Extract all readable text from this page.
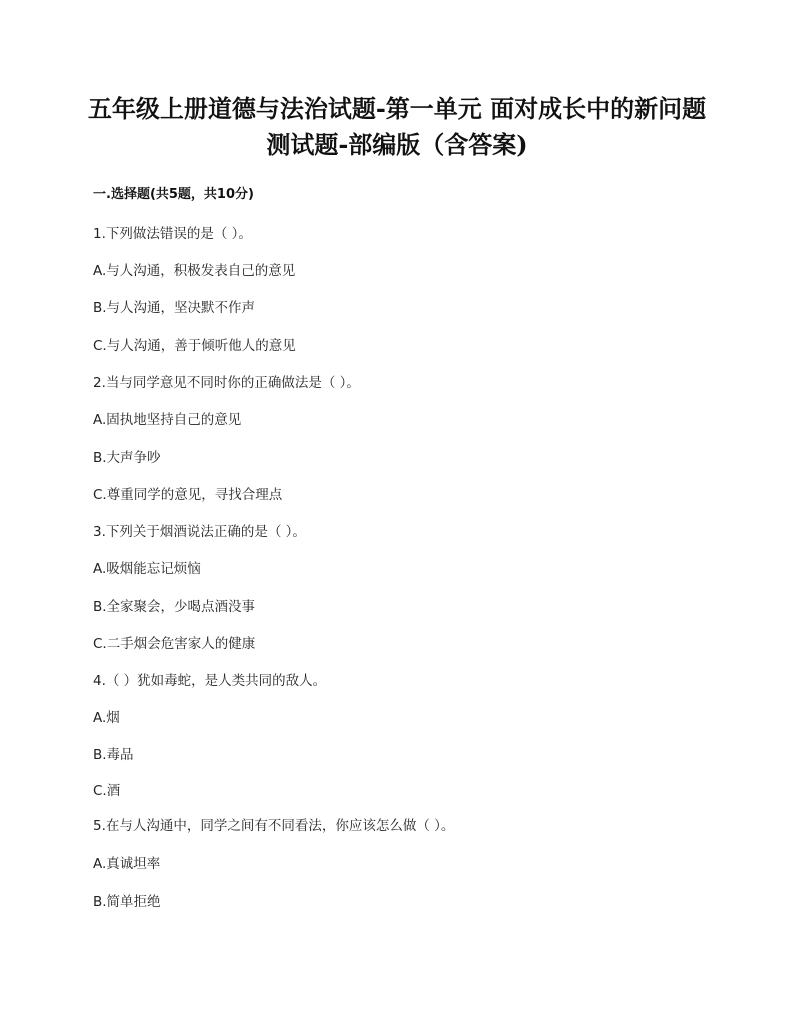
五年级上册道德与法治试题-第一单元 面对成长中的新问题
测试题-部编版（含答案)
一.选择题(共5题，共10分)
1.下列做法错误的是（ ）。
A.与人沟通，积极发表自己的意见
B.与人沟通，坚决默不作声
C.与人沟通，善于倾听他人的意见
2.当与同学意见不同时你的正确做法是（ ）。
A.固执地坚持自己的意见
B.大声争吵
C.尊重同学的意见，寻找合理点
3.下列关于烟酒说法正确的是（ ）。
A.吸烟能忘记烦恼
B.全家聚会，少喝点酒没事
C.二手烟会危害家人的健康
4.（ ）犹如毒蛇，是人类共同的敌人。
A.烟
B.毒品
C.酒
5.在与人沟通中，同学之间有不同看法，你应该怎么做（ ）。
A.真诚坦率
B.简单拒绝
